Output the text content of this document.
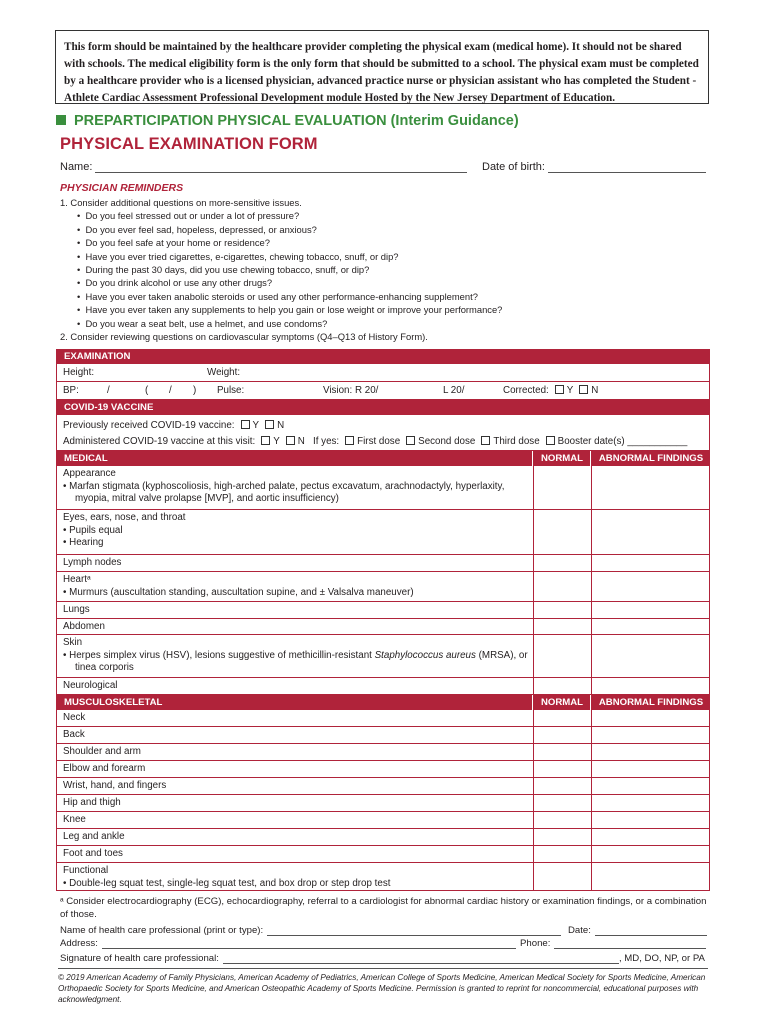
This form should be maintained by the healthcare provider completing the physical exam (medical home). It should not be shared with schools. The medical eligibility form is the only form that should be submitted to a school. The physical exam must be completed by a healthcare provider who is a licensed physician, advanced practice nurse or physician assistant who has completed the Student - Athlete Cardiac Assessment Professional Development module Hosted by the New Jersey Department of Education.
PREPARTICIPATION PHYSICAL EVALUATION (Interim Guidance)
PHYSICAL EXAMINATION FORM
Name:	Date of birth:
PHYSICIAN REMINDERS
1. Consider additional questions on more-sensitive issues.
•  Do you feel stressed out or under a lot of pressure?
•  Do you ever feel sad, hopeless, depressed, or anxious?
•  Do you feel safe at your home or residence?
•  Have you ever tried cigarettes, e-cigarettes, chewing tobacco, snuff, or dip?
•  During the past 30 days, did you use chewing tobacco, snuff, or dip?
•  Do you drink alcohol or use any other drugs?
•  Have you ever taken anabolic steroids or used any other performance-enhancing supplement?
•  Have you ever taken any supplements to help you gain or lose weight or improve your performance?
•  Do you wear a seat belt, use a helmet, and use condoms?
2. Consider reviewing questions on cardiovascular symptoms (Q4–Q13 of History Form).
EXAMINATION
Height:	Weight:
BP:	/	( / ) Pulse:	Vision: R 20/	L 20/	Corrected: Y N
COVID-19 VACCINE
Previously received COVID-19 vaccine: Y N
Administered COVID-19 vaccine at this visit: Y N If yes: First dose Second dose Third dose Booster date(s) ___________
MEDICAL	NORMAL	ABNORMAL FINDINGS
Appearance
• Marfan stigmata (kyphoscoliosis, high-arched palate, pectus excavatum, arachnodactyly, hyperlaxity,
myopia, mitral valve prolapse [MVP], and aortic insufficiency)
Eyes, ears, nose, and throat
• Pupils equal
• Hearing
Lymph nodes
Heartᵃ
• Murmurs (auscultation standing, auscultation supine, and ± Valsalva maneuver)
Lungs
Abdomen
Skin
• Herpes simplex virus (HSV), lesions suggestive of methicillin-resistant Staphylococcus aureus (MRSA), or
tinea corporis
Neurological
MUSCULOSKELETAL	NORMAL	ABNORMAL FINDINGS
Neck
Back
Shoulder and arm
Elbow and forearm
Wrist, hand, and fingers
Hip and thigh
Knee
Leg and ankle
Foot and toes
Functional
• Double-leg squat test, single-leg squat test, and box drop or step drop test
ᵃ Consider electrocardiography (ECG), echocardiography, referral to a cardiologist for abnormal cardiac history or examination findings, or a combination of those.
Name of health care professional (print or type):	Date:
Address:	Phone:
Signature of health care professional:	, MD, DO, NP, or PA
© 2019 American Academy of Family Physicians, American Academy of Pediatrics, American College of Sports Medicine, American Medical Society for Sports Medicine, American Orthopaedic Society for Sports Medicine, and American Osteopathic Academy of Sports Medicine. Permission is granted to reprint for noncommercial, educational purposes with acknowledgment.
